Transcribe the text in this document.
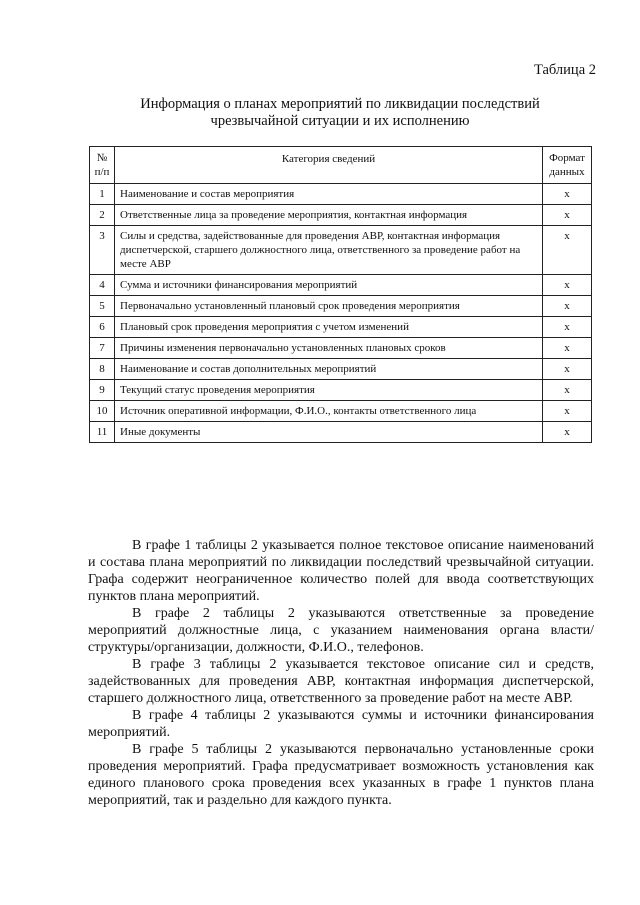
Таблица 2
Информация о планах мероприятий по ликвидации последствий
чрезвычайной ситуации и их исполнению
№ п/п	Категория сведений	Формат данных
1	Наименование и состав мероприятия	x
2	Ответственные лица за проведение мероприятия, контактная информация	x
3	Силы и средства, задействованные для проведения АВР, контактная информация диспетчерской, старшего должностного лица, ответственного за проведение работ на месте АВР	x
4	Сумма и источники финансирования мероприятий	x
5	Первоначально установленный плановый срок проведения мероприятия	x
6	Плановый срок проведения мероприятия с учетом изменений	x
7	Причины изменения первоначально установленных плановых сроков	x
8	Наименование и состав дополнительных мероприятий	x
9	Текущий статус проведения мероприятия	x
10	Источник оперативной информации, Ф.И.О., контакты ответственного лица	x
11	Иные документы	x

В графе 1 таблицы 2 указывается полное текстовое описание наименований и состава плана мероприятий по ликвидации последствий чрезвычайной ситуации. Графа содержит неограниченное количество полей для ввода соответствующих пунктов плана мероприятий.

В графе 2 таблицы 2 указываются ответственные за проведение мероприятий должностные лица, с указанием наименования органа власти/структуры/организации, должности, Ф.И.О., телефонов.

В графе 3 таблицы 2 указывается текстовое описание сил и средств, задействованных для проведения АВР, контактная информация диспетчерской, старшего должностного лица, ответственного за проведение работ на месте АВР.

В графе 4 таблицы 2 указываются суммы и источники финансирования мероприятий.

В графе 5 таблицы 2 указываются первоначально установленные сроки проведения мероприятий. Графа предусматривает возможность установления как единого планового срока проведения всех указанных в графе 1 пунктов плана мероприятий, так и раздельно для каждого пункта.
